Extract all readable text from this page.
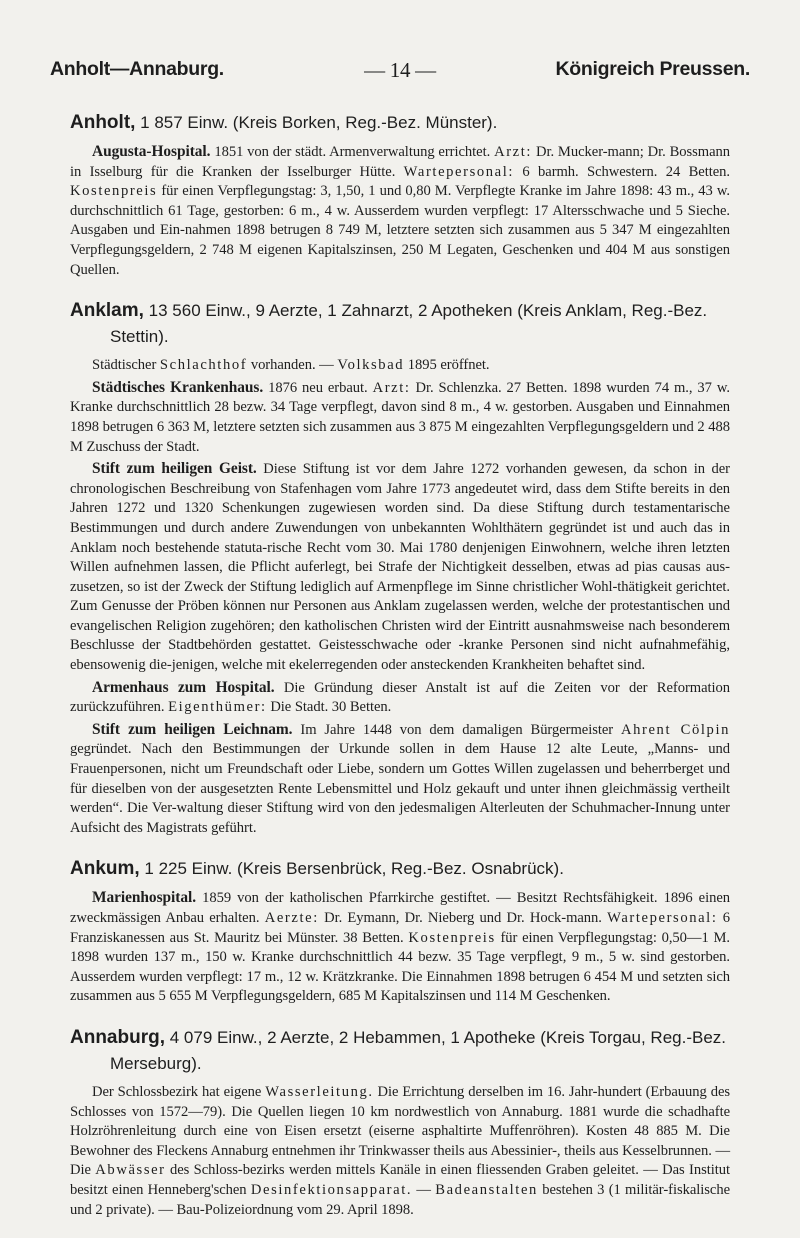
Anholt—Annaburg.	— 14 —	Königreich Preussen.
Anholt, 1 857 Einw. (Kreis Borken, Reg.-Bez. Münster).

Augusta-Hospital. 1851 von der städt. Armenverwaltung errichtet. Arzt: Dr. Mucker-mann; Dr. Bossmann in Isselburg für die Kranken der Isselburger Hütte. Wartepersonal: 6 barmh. Schwestern. 24 Betten. Kostenpreis für einen Verpflegungstag: 3, 1,50, 1 und 0,80 M. Verpflegte Kranke im Jahre 1898: 43 m., 43 w. durchschnittlich 61 Tage, gestorben: 6 m., 4 w. Ausserdem wurden verpflegt: 17 Altersschwache und 5 Sieche. Ausgaben und Ein-nahmen 1898 betrugen 8 749 M, letztere setzten sich zusammen aus 5 347 M eingezahlten Verpflegungsgeldern, 2 748 M eigenen Kapitalszinsen, 250 M Legaten, Geschenken und 404 M aus sonstigen Quellen.

Anklam, 13 560 Einw., 9 Aerzte, 1 Zahnarzt, 2 Apotheken (Kreis Anklam, Reg.-Bez. Stettin).

Städtischer Schlachthof vorhanden. — Volksbad 1895 eröffnet.

Städtisches Krankenhaus. 1876 neu erbaut. Arzt: Dr. Schlenzka. 27 Betten. 1898 wurden 74 m., 37 w. Kranke durchschnittlich 28 bezw. 34 Tage verpflegt, davon sind 8 m., 4 w. gestorben. Ausgaben und Einnahmen 1898 betrugen 6 363 M, letztere setzten sich zusammen aus 3 875 M eingezahlten Verpflegungsgeldern und 2 488 M Zuschuss der Stadt.

Stift zum heiligen Geist. Diese Stiftung ist vor dem Jahre 1272 vorhanden gewesen, da schon in der chronologischen Beschreibung von Stafenhagen vom Jahre 1773 angedeutet wird, dass dem Stifte bereits in den Jahren 1272 und 1320 Schenkungen zugewiesen worden sind. Da diese Stiftung durch testamentarische Bestimmungen und durch andere Zuwendungen von unbekannten Wohlthätern gegründet ist und auch das in Anklam noch bestehende statuta-rische Recht vom 30. Mai 1780 denjenigen Einwohnern, welche ihren letzten Willen aufnehmen lassen, die Pflicht auferlegt, bei Strafe der Nichtigkeit desselben, etwas ad pias causas aus-zusetzen, so ist der Zweck der Stiftung lediglich auf Armenpflege im Sinne christlicher Wohl-thätigkeit gerichtet. Zum Genusse der Pröben können nur Personen aus Anklam zugelassen werden, welche der protestantischen und evangelischen Religion zugehören; den katholischen Christen wird der Eintritt ausnahmsweise nach besonderem Beschlusse der Stadtbehörden gestattet. Geistesschwache oder -kranke Personen sind nicht aufnahmefähig, ebensowenig die-jenigen, welche mit ekelerregenden oder ansteckenden Krankheiten behaftet sind.

Armenhaus zum Hospital. Die Gründung dieser Anstalt ist auf die Zeiten vor der Reformation zurückzuführen. Eigenthümer: Die Stadt. 30 Betten.

Stift zum heiligen Leichnam. Im Jahre 1448 von dem damaligen Bürgermeister Ahrent Cölpin gegründet. Nach den Bestimmungen der Urkunde sollen in dem Hause 12 alte Leute, „Manns- und Frauenpersonen, nicht um Freundschaft oder Liebe, sondern um Gottes Willen zugelassen und beherrberget und für dieselben von der ausgesetzten Rente Lebensmittel und Holz gekauft und unter ihnen gleichmässig vertheilt werden“. Die Ver-waltung dieser Stiftung wird von den jedesmaligen Alterleuten der Schuhmacher-Innung unter Aufsicht des Magistrats geführt.

Ankum, 1 225 Einw. (Kreis Bersenbrück, Reg.-Bez. Osnabrück).

Marienhospital. 1859 von der katholischen Pfarrkirche gestiftet. — Besitzt Rechtsfähigkeit. 1896 einen zweckmässigen Anbau erhalten. Aerzte: Dr. Eymann, Dr. Nieberg und Dr. Hock-mann. Wartepersonal: 6 Franziskanessen aus St. Mauritz bei Münster. 38 Betten. Kostenpreis für einen Verpflegungstag: 0,50—1 M. 1898 wurden 137 m., 150 w. Kranke durchschnittlich 44 bezw. 35 Tage verpflegt, 9 m., 5 w. sind gestorben. Ausserdem wurden verpflegt: 17 m., 12 w. Krätzkranke. Die Einnahmen 1898 betrugen 6 454 M und setzten sich zusammen aus 5 655 M Verpflegungsgeldern, 685 M Kapitalszinsen und 114 M Geschenken.

Annaburg, 4 079 Einw., 2 Aerzte, 2 Hebammen, 1 Apotheke (Kreis Torgau, Reg.-Bez. Merseburg).

Der Schlossbezirk hat eigene Wasserleitung. Die Errichtung derselben im 16. Jahr-hundert (Erbauung des Schlosses von 1572—79). Die Quellen liegen 10 km nordwestlich von Annaburg. 1881 wurde die schadhafte Holzröhrenleitung durch eine von Eisen ersetzt (eiserne asphaltirte Muffenröhren). Kosten 48 885 M. Die Bewohner des Fleckens Annaburg entnehmen ihr Trinkwasser theils aus Abessinier-, theils aus Kesselbrunnen. — Die Abwässer des Schloss-bezirks werden mittels Kanäle in einen fliessenden Graben geleitet. — Das Institut besitzt einen Henneberg'schen Desinfektionsapparat. — Badeanstalten bestehen 3 (1 militär-fiskalische und 2 private). — Bau-Polizeiordnung vom 29. April 1898.
